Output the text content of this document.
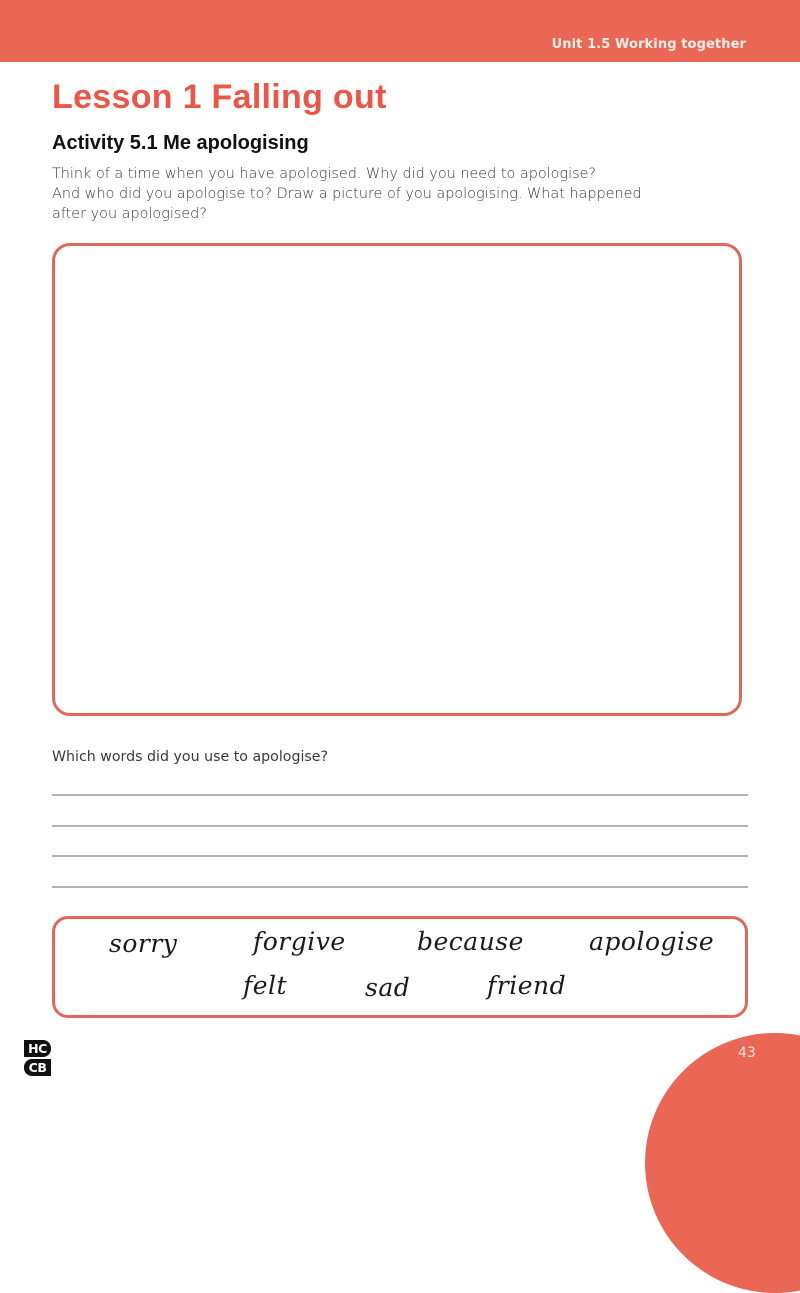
Unit 1.5 Working together
Lesson 1 Falling out
Activity 5.1 Me apologising
Think of a time when you have apologised. Why did you need to apologise?
And who did you apologise to? Draw a picture of you apologising. What happened
after you apologised?
Which words did you use to apologise?
sorry	forgive	because	apologise
felt	sad	friend
HC
CB
43
